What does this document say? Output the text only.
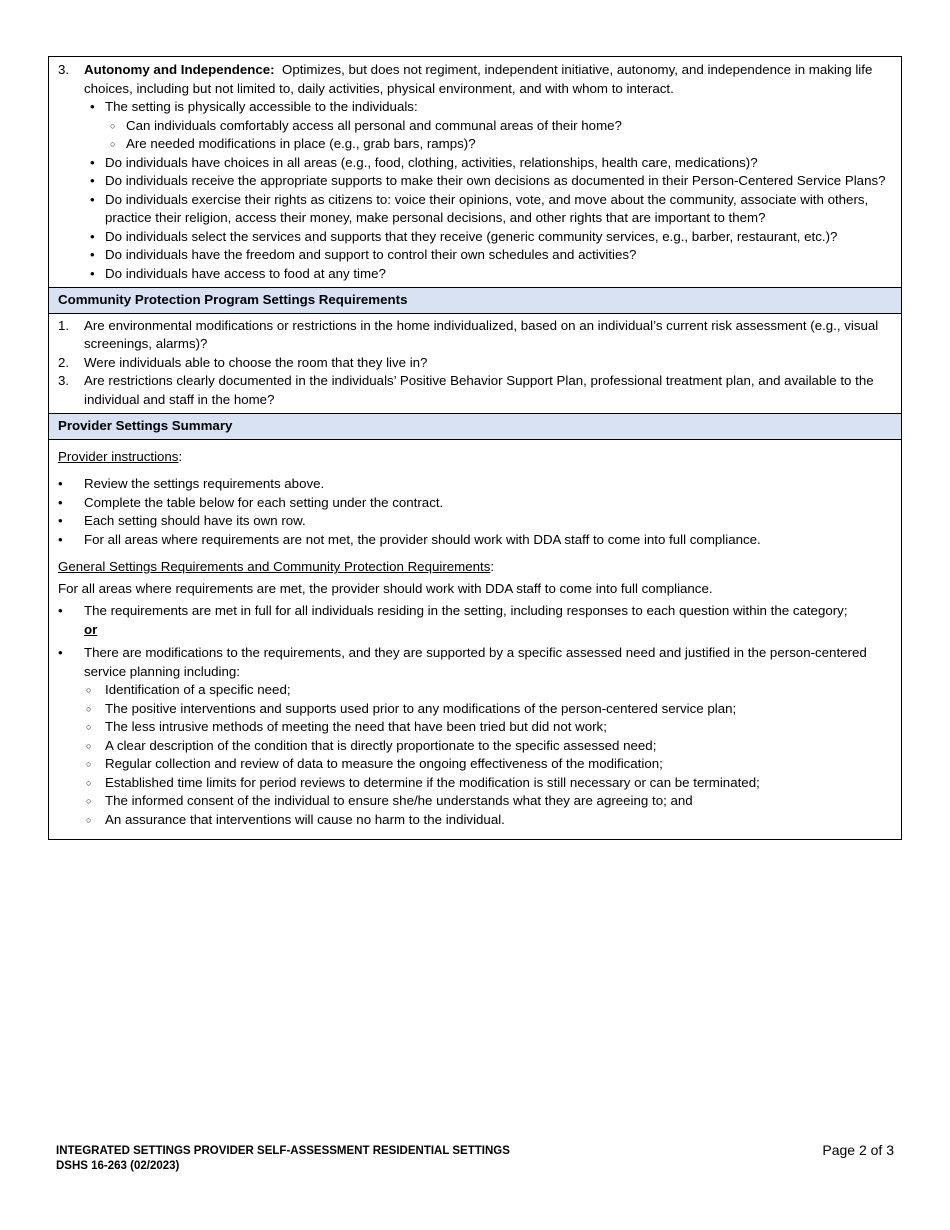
3. Autonomy and Independence: Optimizes, but does not regiment, independent initiative, autonomy, and independence in making life choices, including but not limited to, daily activities, physical environment, and with whom to interact.
• The setting is physically accessible to the individuals:
○ Can individuals comfortably access all personal and communal areas of their home?
○ Are needed modifications in place (e.g., grab bars, ramps)?
• Do individuals have choices in all areas (e.g., food, clothing, activities, relationships, health care, medications)?
• Do individuals receive the appropriate supports to make their own decisions as documented in their Person-Centered Service Plans?
• Do individuals exercise their rights as citizens to: voice their opinions, vote, and move about the community, associate with others, practice their religion, access their money, make personal decisions, and other rights that are important to them?
• Do individuals select the services and supports that they receive (generic community services, e.g., barber, restaurant, etc.)?
• Do individuals have the freedom and support to control their own schedules and activities?
• Do individuals have access to food at any time?
Community Protection Program Settings Requirements
1. Are environmental modifications or restrictions in the home individualized, based on an individual’s current risk assessment (e.g., visual screenings, alarms)?
2. Were individuals able to choose the room that they live in?
3. Are restrictions clearly documented in the individuals’ Positive Behavior Support Plan, professional treatment plan, and available to the individual and staff in the home?
Provider Settings Summary
Provider instructions:
• Review the settings requirements above.
• Complete the table below for each setting under the contract.
• Each setting should have its own row.
• For all areas where requirements are not met, the provider should work with DDA staff to come into full compliance.
General Settings Requirements and Community Protection Requirements:
For all areas where requirements are met, the provider should work with DDA staff to come into full compliance.
• The requirements are met in full for all individuals residing in the setting, including responses to each question within the category;
or
• There are modifications to the requirements, and they are supported by a specific assessed need and justified in the person-centered service planning including:
○ Identification of a specific need;
○ The positive interventions and supports used prior to any modifications of the person-centered service plan;
○ The less intrusive methods of meeting the need that have been tried but did not work;
○ A clear description of the condition that is directly proportionate to the specific assessed need;
○ Regular collection and review of data to measure the ongoing effectiveness of the modification;
○ Established time limits for period reviews to determine if the modification is still necessary or can be terminated;
○ The informed consent of the individual to ensure she/he understands what they are agreeing to; and
○ An assurance that interventions will cause no harm to the individual.
INTEGRATED SETTINGS PROVIDER SELF-ASSESSMENT RESIDENTIAL SETTINGS
DSHS 16-263 (02/2023)
Page 2 of 3
